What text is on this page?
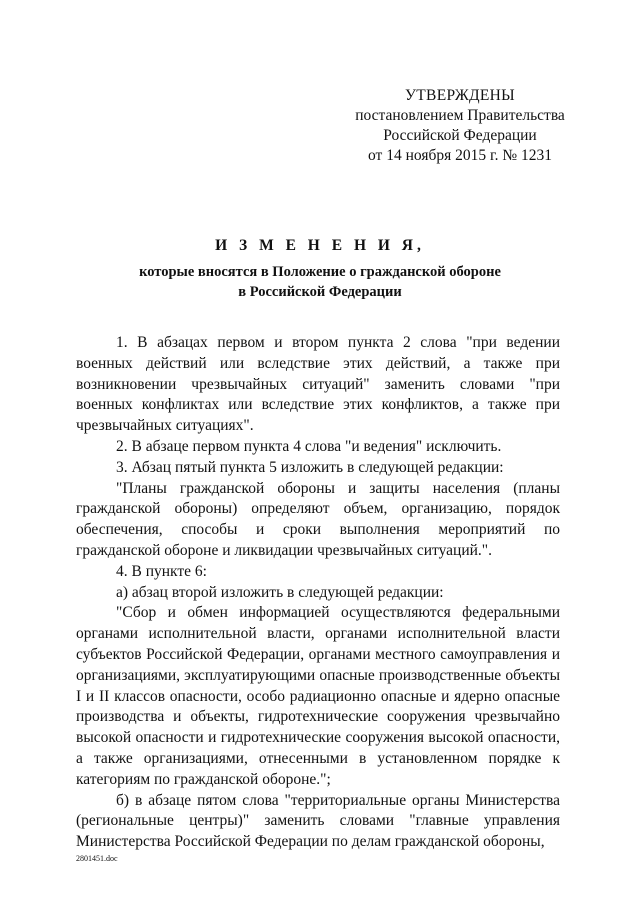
УТВЕРЖДЕНЫ
постановлением Правительства
Российской Федерации
от 14 ноября 2015 г. № 1231
И З М Е Н Е Н И Я,
которые вносятся в Положение о гражданской обороне
в Российской Федерации

1. В абзацах первом и втором пункта 2 слова "при ведении военных действий или вследствие этих действий, а также при возникновении чрезвычайных ситуаций" заменить словами "при военных конфликтах или вследствие этих конфликтов, а также при чрезвычайных ситуациях".

2. В абзаце первом пункта 4 слова "и ведения" исключить.

3. Абзац пятый пункта 5 изложить в следующей редакции:

"Планы гражданской обороны и защиты населения (планы гражданской обороны) определяют объем, организацию, порядок обеспечения, способы и сроки выполнения мероприятий по гражданской обороне и ликвидации чрезвычайных ситуаций.".

4. В пункте 6:

а) абзац второй изложить в следующей редакции:

"Сбор и обмен информацией осуществляются федеральными органами исполнительной власти, органами исполнительной власти субъектов Российской Федерации, органами местного самоуправления и организациями, эксплуатирующими опасные производственные объекты I и II классов опасности, особо радиационно опасные и ядерно опасные производства и объекты, гидротехнические сооружения чрезвычайно высокой опасности и гидротехнические сооружения высокой опасности, а также организациями, отнесенными в установленном порядке к категориям по гражданской обороне.";

б) в абзаце пятом слова "территориальные органы Министерства (региональные центры)" заменить словами "главные управления Министерства Российской Федерации по делам гражданской обороны,

2801451.doc
